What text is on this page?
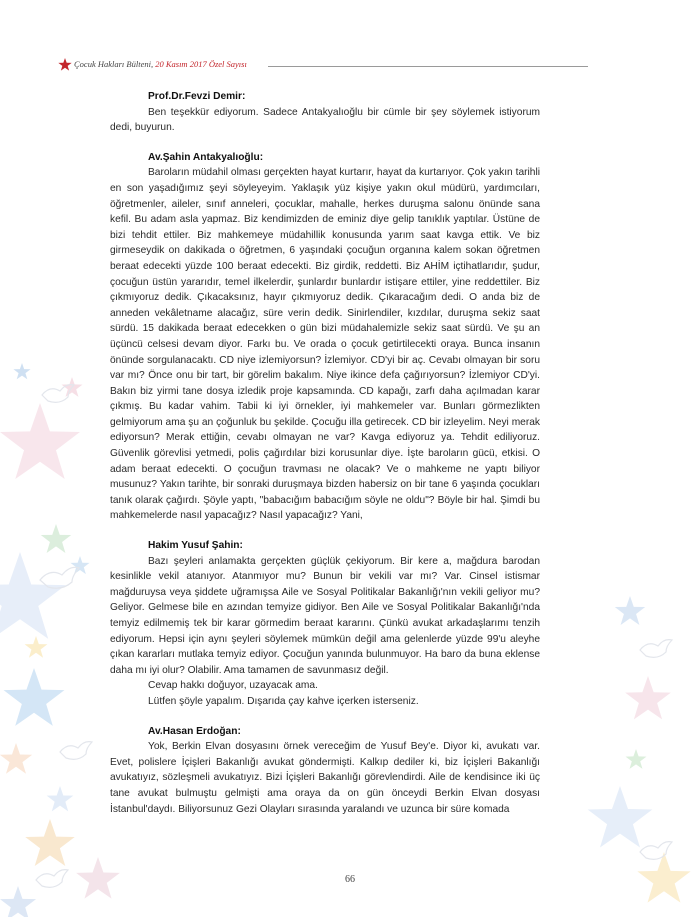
Çocuk Hakları Bülteni, 20 Kasım 2017 Özel Sayısı
Prof.Dr.Fevzi Demir:

Ben teşekkür ediyorum. Sadece Antakyalıoğlu bir cümle bir şey söylemek istiyorum dedi, buyurun.

Av.Şahin Antakyalıoğlu:

Baroların müdahil olması gerçekten hayat kurtarır, hayat da kurtarıyor. Çok yakın tarihli en son yaşadığımız şeyi söyleyeyim. Yaklaşık yüz kişiye yakın okul müdürü, yardımcıları, öğretmenler, aileler, sınıf anneleri, çocuklar, mahalle, herkes duruşma salonu önünde sana kefil. Bu adam asla yapmaz. Biz kendimizden de eminiz diye gelip tanıklık yaptılar. Üstüne de bizi tehdit ettiler. Biz mahkemeye müdahillik konusunda yarım saat kavga ettik. Ve biz girmeseydik on dakikada o öğretmen, 6 yaşındaki çocuğun organına kalem sokan öğretmen beraat edecekti yüzde 100 beraat edecekti. Biz girdik, reddetti. Biz AHİM içtihatlarıdır, şudur, çocuğun üstün yararıdır, temel ilkelerdir, şunlardır bunlardır istişare ettiler, yine reddettiler. Biz çıkmıyoruz dedik. Çıkacaksınız, hayır çıkmıyoruz dedik. Çıkaracağım dedi. O anda biz de anneden vekâletname alacağız, süre verin dedik. Sinirlendiler, kızdılar, duruşma sekiz saat sürdü. 15 dakikada beraat edecekken o gün bizi müdahalemizle sekiz saat sürdü. Ve şu an üçüncü celsesi devam diyor. Farkı bu. Ve orada o çocuk getirtilecekti oraya. Bunca insanın önünde sorgulanacaktı. CD niye izlemiyorsun? İzlemiyor. CD'yi bir aç. Cevabı olmayan bir soru var mı? Önce onu bir tart, bir görelim bakalım. Niye ikince defa çağırıyorsun? İzlemiyor CD'yi. Bakın biz yirmi tane dosya izledik proje kapsamında. CD kapağı, zarfı daha açılmadan karar çıkmış. Bu kadar vahim. Tabii ki iyi örnekler, iyi mahkemeler var. Bunları görmezlikten gelmiyorum ama şu an çoğunluk bu şekilde. Çocuğu illa getirecek. CD bir izleyelim. Neyi merak ediyorsun? Merak ettiğin, cevabı olmayan ne var? Kavga ediyoruz ya. Tehdit ediliyoruz. Güvenlik görevlisi yetmedi, polis çağırdılar bizi korusunlar diye. İşte baroların gücü, etkisi. O adam beraat edecekti. O çocuğun travması ne olacak? Ve o mahkeme ne yaptı biliyor musunuz? Yakın tarihte, bir sonraki duruşmaya bizden habersiz on bir tane 6 yaşında çocukları tanık olarak çağırdı. Şöyle yaptı, "babacığım babacığım söyle ne oldu"? Böyle bir hal. Şimdi bu mahkemelerde nasıl yapacağız? Nasıl yapacağız? Yani,

Hakim Yusuf Şahin:

Bazı şeyleri anlamakta gerçekten güçlük çekiyorum. Bir kere a, mağdura barodan kesinlikle vekil atanıyor. Atanmıyor mu? Bunun bir vekili var mı? Var. Cinsel istismar mağduruysa veya şiddete uğramışsa Aile ve Sosyal Politikalar Bakanlığı'nın vekili geliyor mu? Geliyor. Gelmese bile en azından temyize gidiyor. Ben Aile ve Sosyal Politikalar Bakanlığı'nda temyiz edilmemiş tek bir karar görmedim beraat kararını. Çünkü avukat arkadaşlarımı tenzih ediyorum. Hepsi için aynı şeyleri söylemek mümkün değil ama gelenlerde yüzde 99'u aleyhe çıkan kararları mutlaka temyiz ediyor. Çocuğun yanında bulunmuyor. Ha baro da buna eklense daha mı iyi olur? Olabilir. Ama tamamen de savunmasız değil.

Cevap hakkı doğuyor, uzayacak ama.

Lütfen şöyle yapalım. Dışarıda çay kahve içerken isterseniz.

Av.Hasan Erdoğan:

Yok, Berkin Elvan dosyasını örnek vereceğim de Yusuf Bey'e. Diyor ki, avukatı var. Evet, polislere İçişleri Bakanlığı avukat göndermişti. Kalkıp dediler ki, biz İçişleri Bakanlığı avukatıyız, sözleşmeli avukatıyız. Bizi İçişleri Bakanlığı görevlendirdi. Aile de kendisince iki üç tane avukat bulmuştu gelmişti ama oraya da on gün önceydi Berkin Elvan dosyası İstanbul'daydı. Biliyorsunuz Gezi Olayları sırasında yaralandı ve uzunca bir süre komada

66
